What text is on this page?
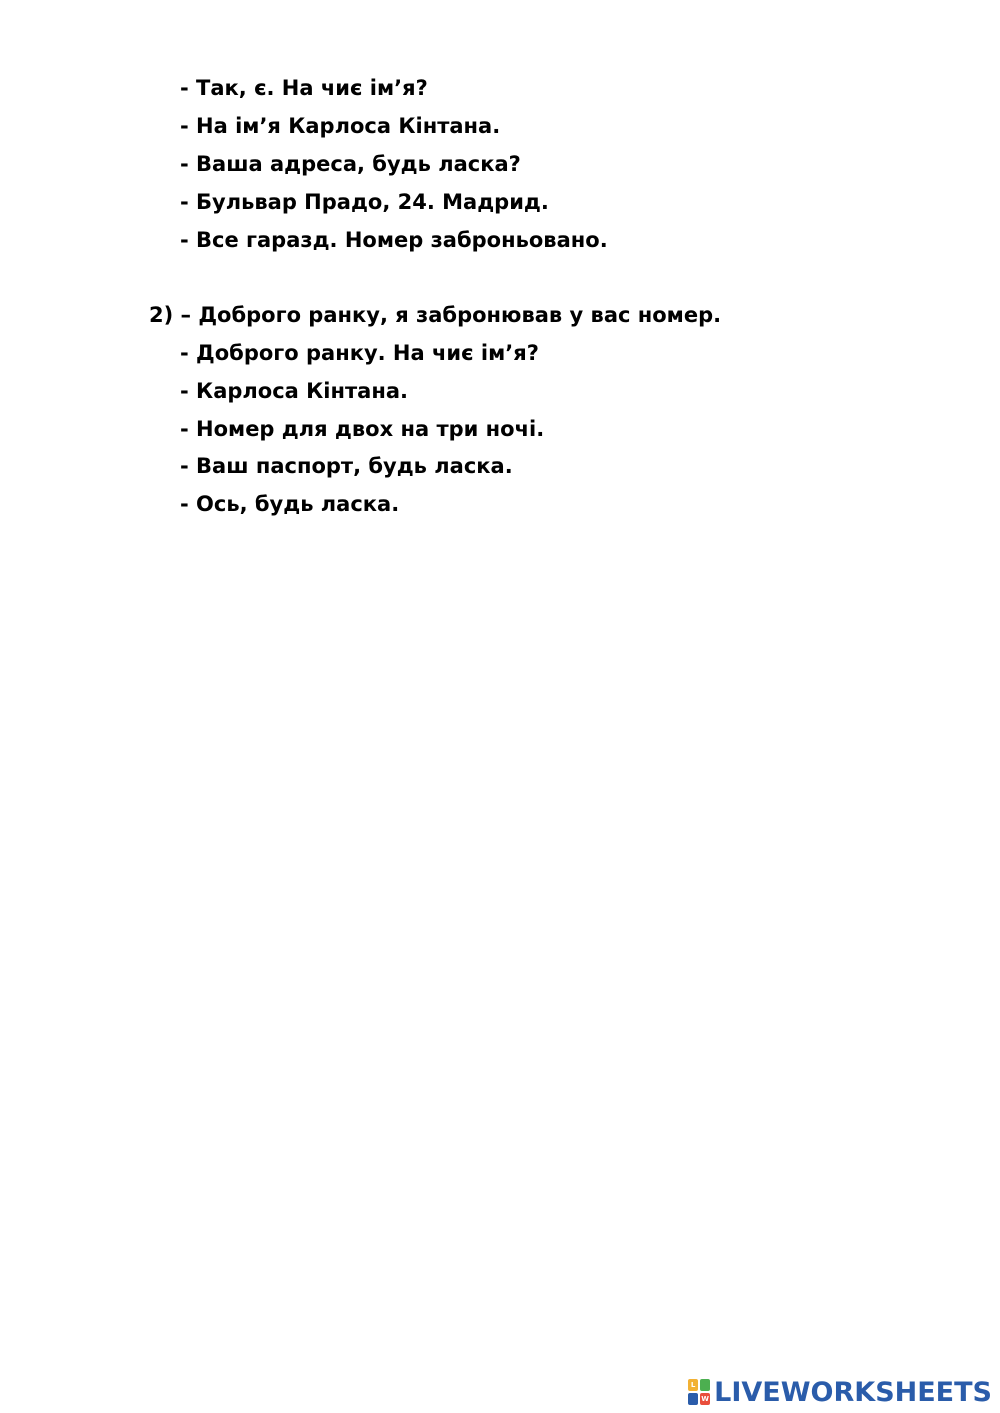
- Так, є. На чиє ім’я?
- На ім’я Карлоса Кінтана.
- Ваша адреса, будь ласка?
- Бульвар Прадо, 24. Мадрид.
- Все гаразд. Номер заброньовано.
2) – Доброго ранку, я забронював у вас номер.
- Доброго ранку. На чиє ім’я?
- Карлоса Кінтана.
- Номер для двох на три ночі.
- Ваш паспорт, будь ласка.
- Ось, будь ласка.
L
W LIVEWORKSHEETS
